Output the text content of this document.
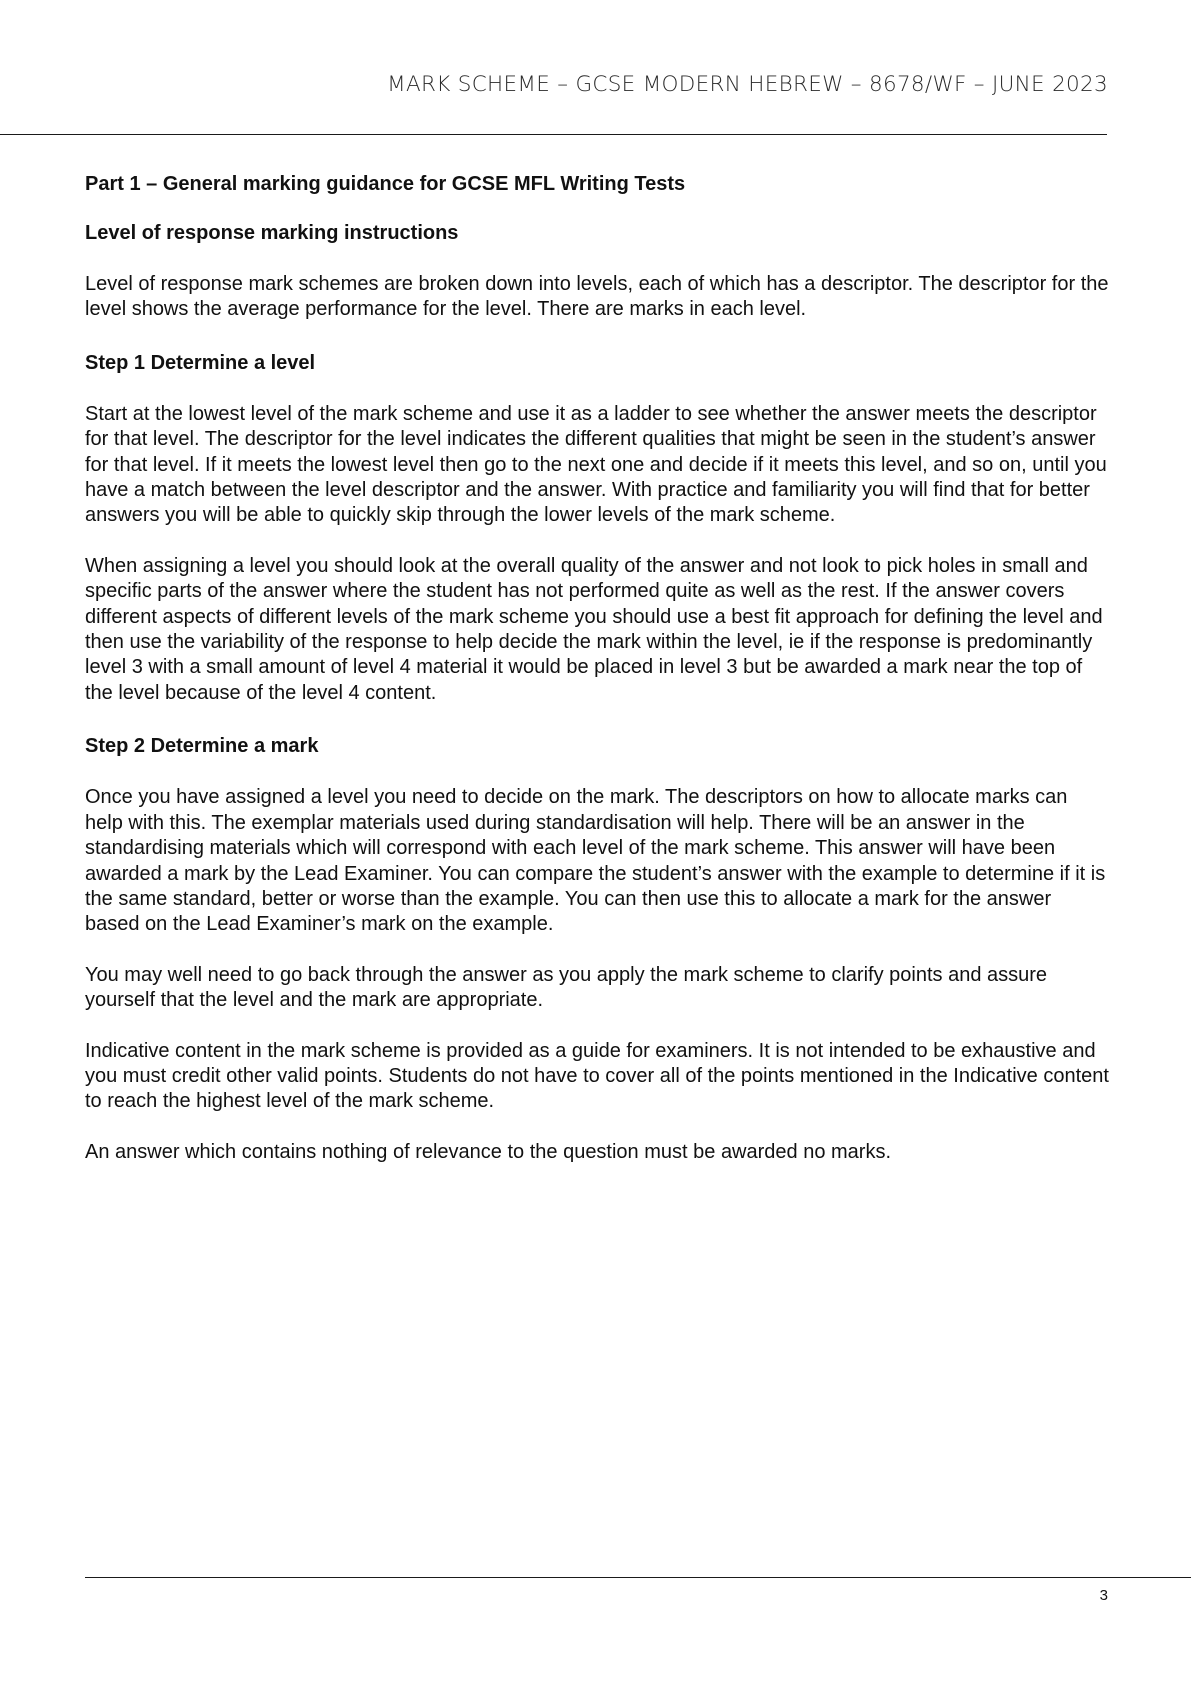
MARK SCHEME – GCSE MODERN HEBREW – 8678/WF – JUNE 2023

Part 1 – General marking guidance for GCSE MFL Writing Tests

Level of response marking instructions

Level of response mark schemes are broken down into levels, each of which has a descriptor. The descriptor for the level shows the average performance for the level. There are marks in each level.

Step 1 Determine a level

Start at the lowest level of the mark scheme and use it as a ladder to see whether the answer meets the descriptor for that level. The descriptor for the level indicates the different qualities that might be seen in the student’s answer for that level. If it meets the lowest level then go to the next one and decide if it meets this level, and so on, until you have a match between the level descriptor and the answer. With practice and familiarity you will find that for better answers you will be able to quickly skip through the lower levels of the mark scheme.

When assigning a level you should look at the overall quality of the answer and not look to pick holes in small and specific parts of the answer where the student has not performed quite as well as the rest. If the answer covers different aspects of different levels of the mark scheme you should use a best fit approach for defining the level and then use the variability of the response to help decide the mark within the level, ie if the response is predominantly level 3 with a small amount of level 4 material it would be placed in level 3 but be awarded a mark near the top of the level because of the level 4 content.

Step 2 Determine a mark

Once you have assigned a level you need to decide on the mark. The descriptors on how to allocate marks can help with this. The exemplar materials used during standardisation will help. There will be an answer in the standardising materials which will correspond with each level of the mark scheme. This answer will have been awarded a mark by the Lead Examiner. You can compare the student’s answer with the example to determine if it is the same standard, better or worse than the example. You can then use this to allocate a mark for the answer based on the Lead Examiner’s mark on the example.

You may well need to go back through the answer as you apply the mark scheme to clarify points and assure yourself that the level and the mark are appropriate.

Indicative content in the mark scheme is provided as a guide for examiners. It is not intended to be exhaustive and you must credit other valid points. Students do not have to cover all of the points mentioned in the Indicative content to reach the highest level of the mark scheme.

An answer which contains nothing of relevance to the question must be awarded no marks.

3
